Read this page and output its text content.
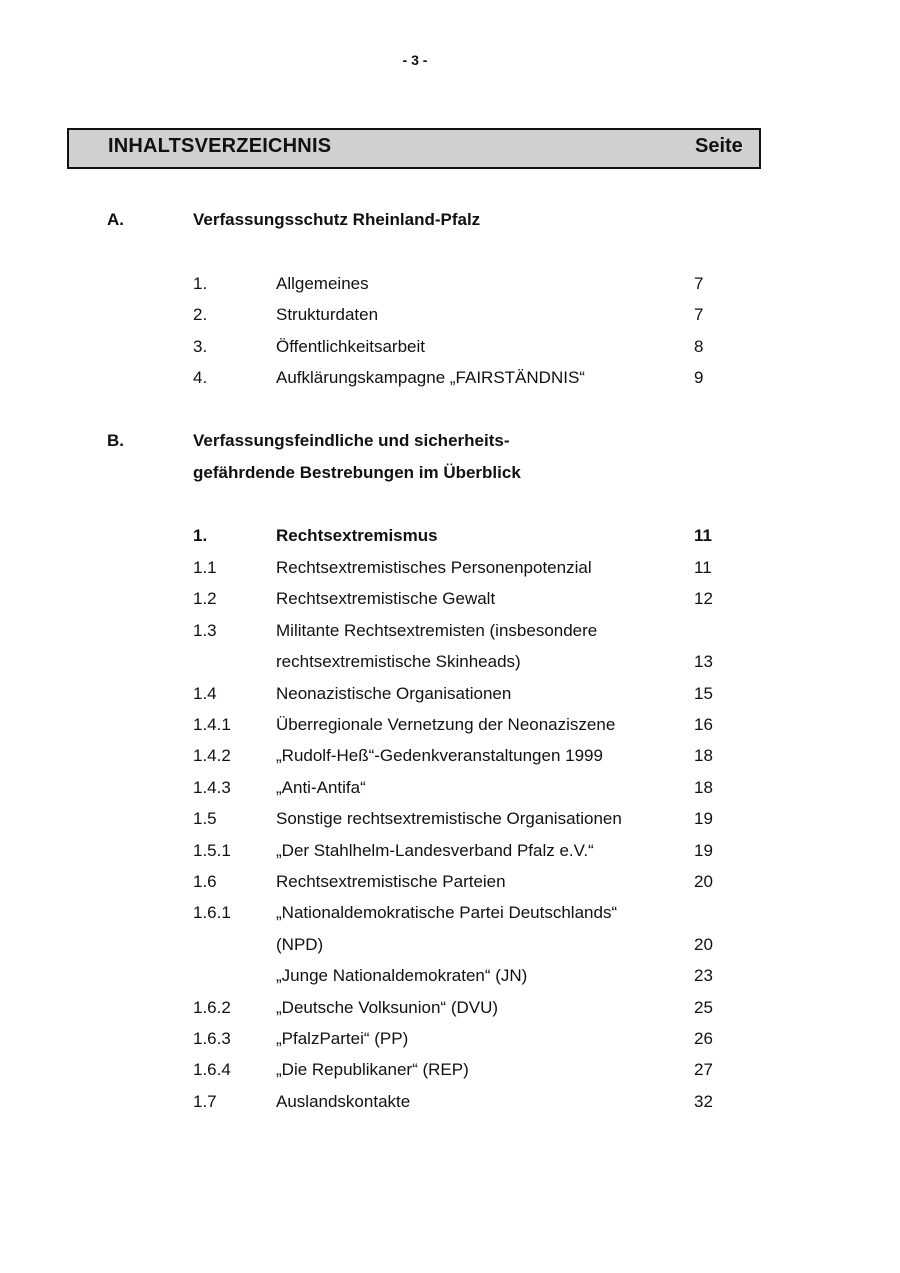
- 3 -
INHALTSVERZEICHNIS	Seite
A.	Verfassungsschutz Rheinland-Pfalz
1.	Allgemeines	7
2.	Strukturdaten	7
3.	Öffentlichkeitsarbeit	8
4.	Aufklärungskampagne „FAIRSTÄNDNIS“	9
B.	Verfassungsfeindliche und sicherheits-
gefährdende Bestrebungen im Überblick
1.	Rechtsextremismus	11
1.1	Rechtsextremistisches Personenpotenzial	11
1.2	Rechtsextremistische Gewalt	12
1.3	Militante Rechtsextremisten (insbesondere
rechtsextremistische Skinheads)	13
1.4	Neonazistische Organisationen	15
1.4.1	Überregionale Vernetzung der Neonaziszene	16
1.4.2	„Rudolf-Heß“-Gedenkveranstaltungen 1999	18
1.4.3	„Anti-Antifa“	18
1.5	Sonstige rechtsextremistische Organisationen	19
1.5.1	„Der Stahlhelm-Landesverband Pfalz e.V.“	19
1.6	Rechtsextremistische Parteien	20
1.6.1	„Nationaldemokratische Partei Deutschlands“
(NPD)	20
„Junge Nationaldemokraten“ (JN)	23
1.6.2	„Deutsche Volksunion“ (DVU)	25
1.6.3	„PfalzPartei“ (PP)	26
1.6.4	„Die Republikaner“ (REP)	27
1.7	Auslandskontakte	32
